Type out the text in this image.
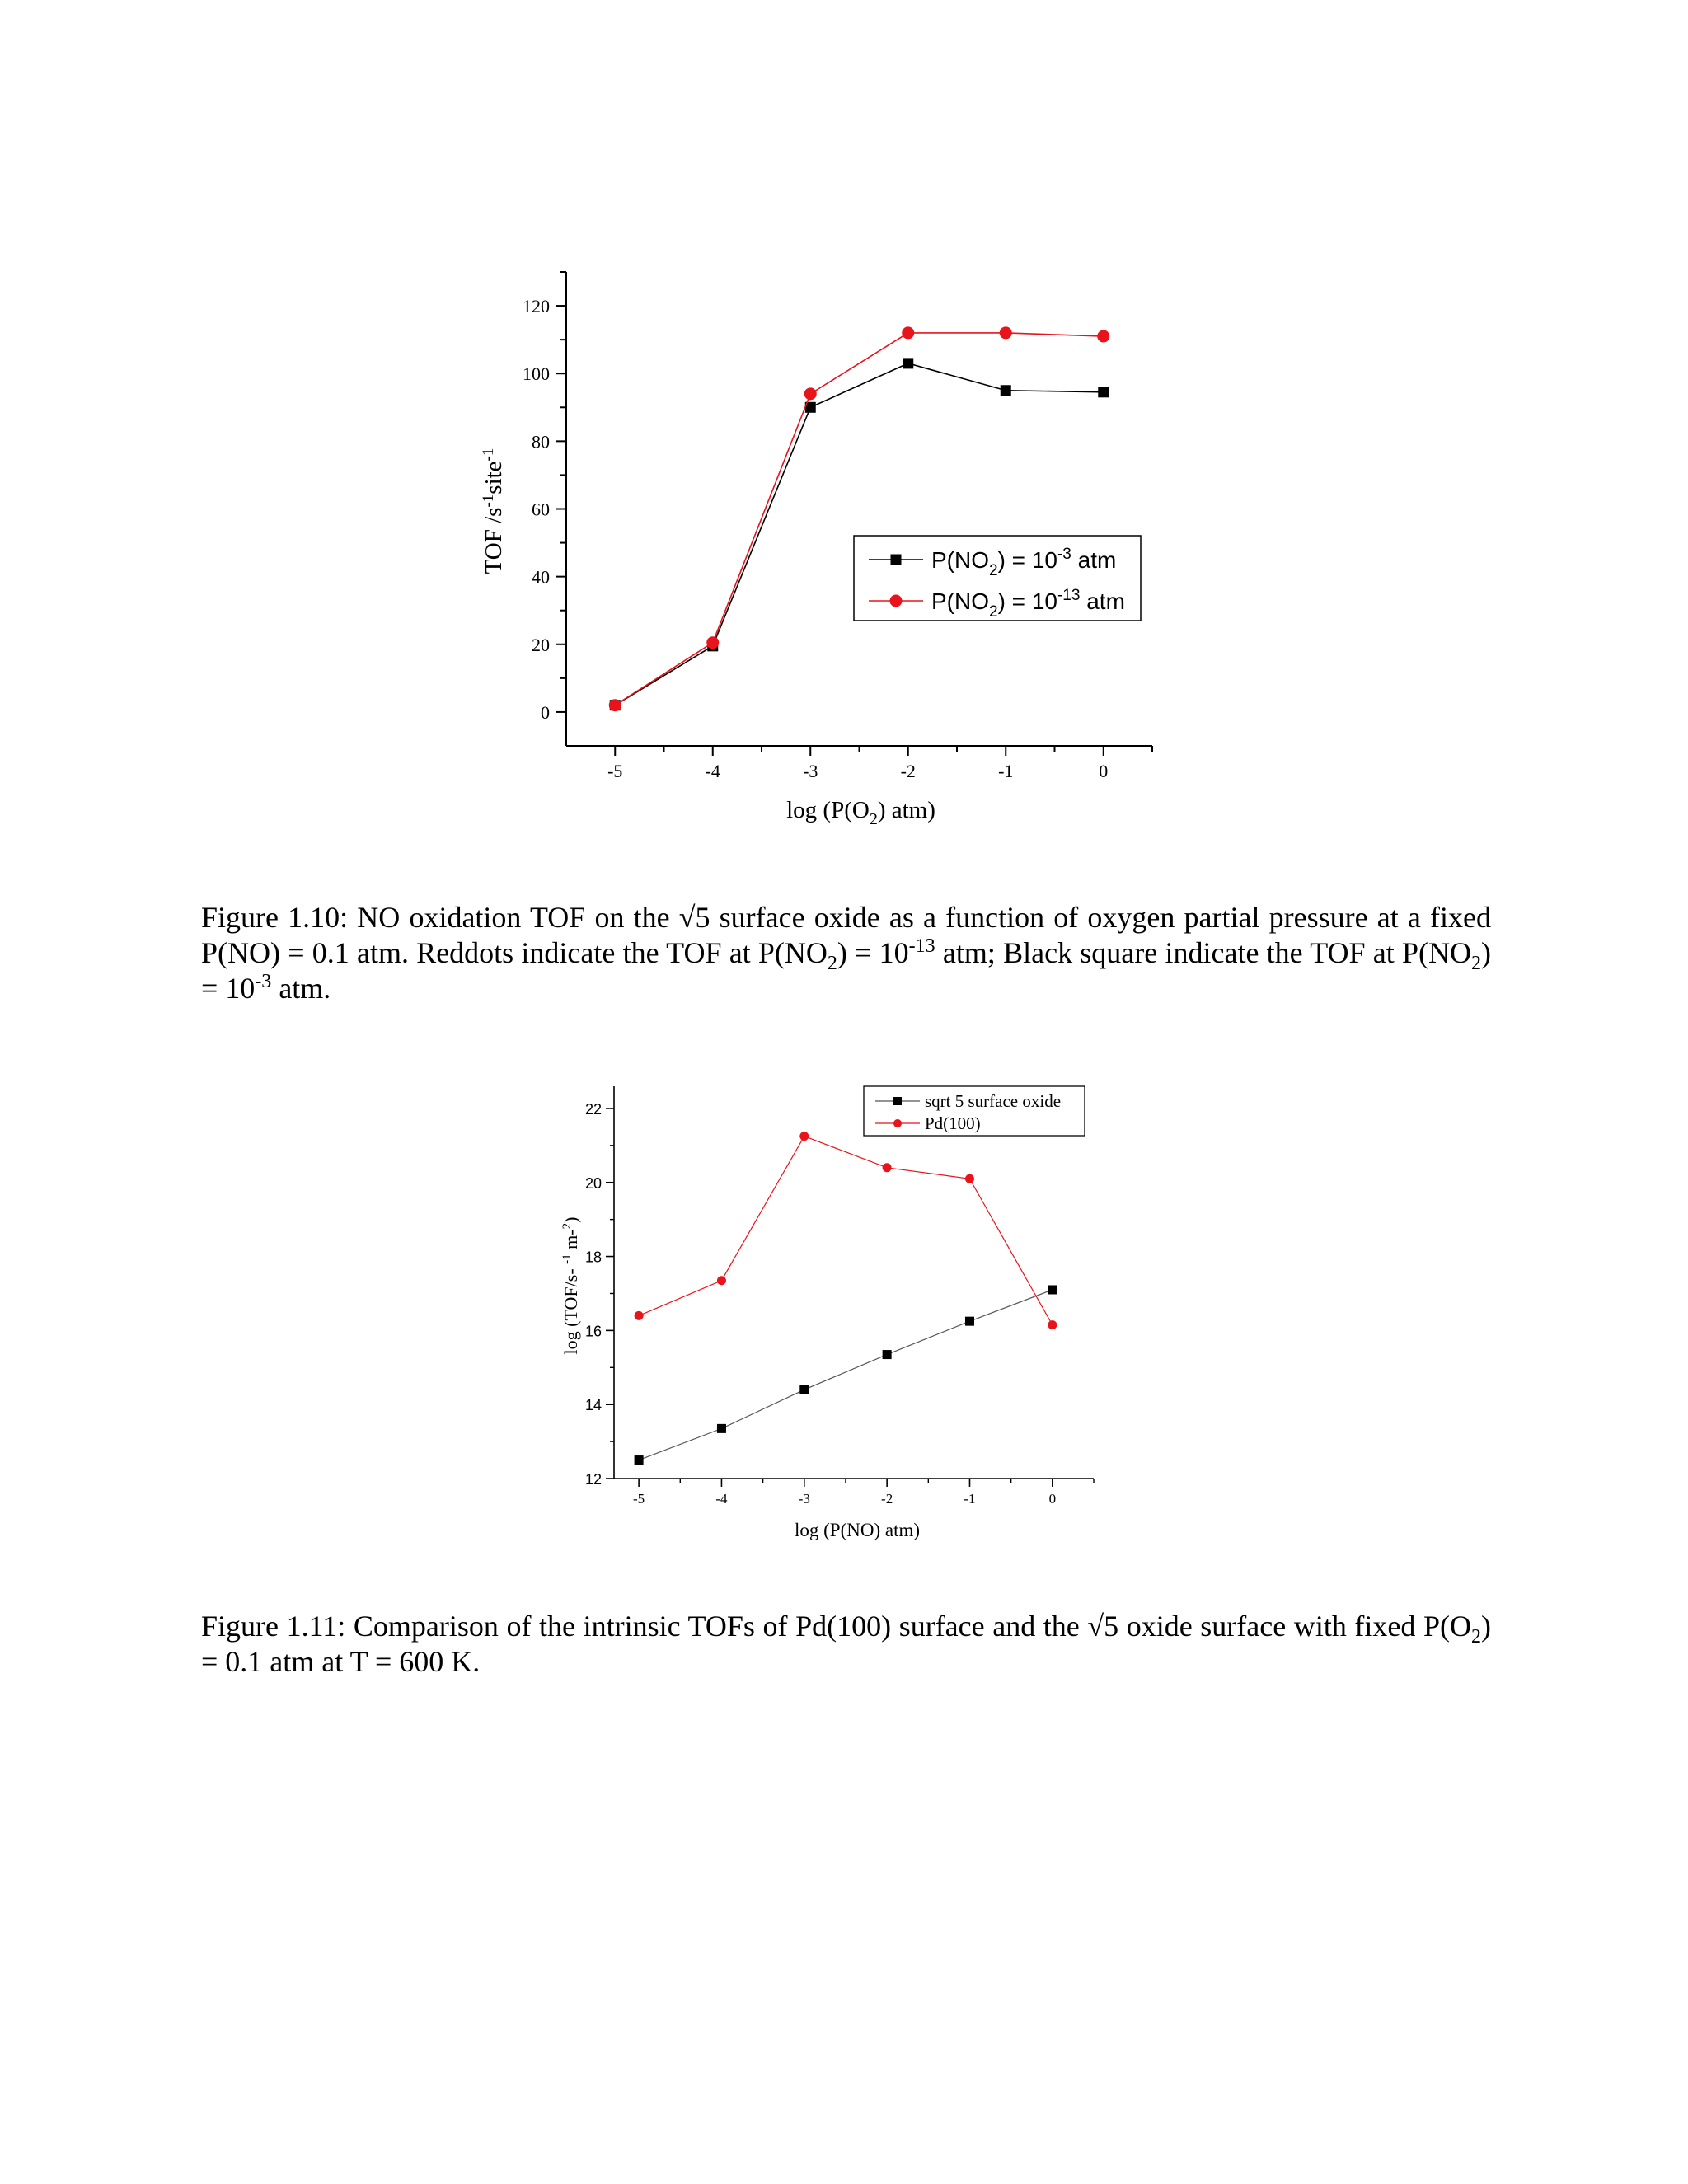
0
20
40
60
80
100
120
-5	-4	-3	-2	-1	0
$\log (P(O_2)$ atm)
TOF $/s^{-1}site^{-1}$
$P(NO_2) = 10^{-3}$ atm
$P(NO_2) = 10^{-13}$ atm
Figure 1.10: NO oxidation TOF on the √5 surface oxide as a function of oxygen partial pressure at a fixed P(NO) = 0.1 atm. Reddots indicate the TOF at $P(NO_2) = 10^{-13}$ atm; Black square indicate the TOF at $P(NO_2) = 10^{-3}$ atm.
12
14
16
18
20
22
-5	-4	-3	-2	-1	0
log (P(NO) atm)
log (TOF/s- $^{-1}$ m-$^2$)
sqrt 5 surface oxide
Pd(100)
Figure 1.11: Comparison of the intrinsic TOFs of Pd(100) surface and the √5 oxide surface with fixed $P(O_2) = 0.1$ atm at T = 600 K.
